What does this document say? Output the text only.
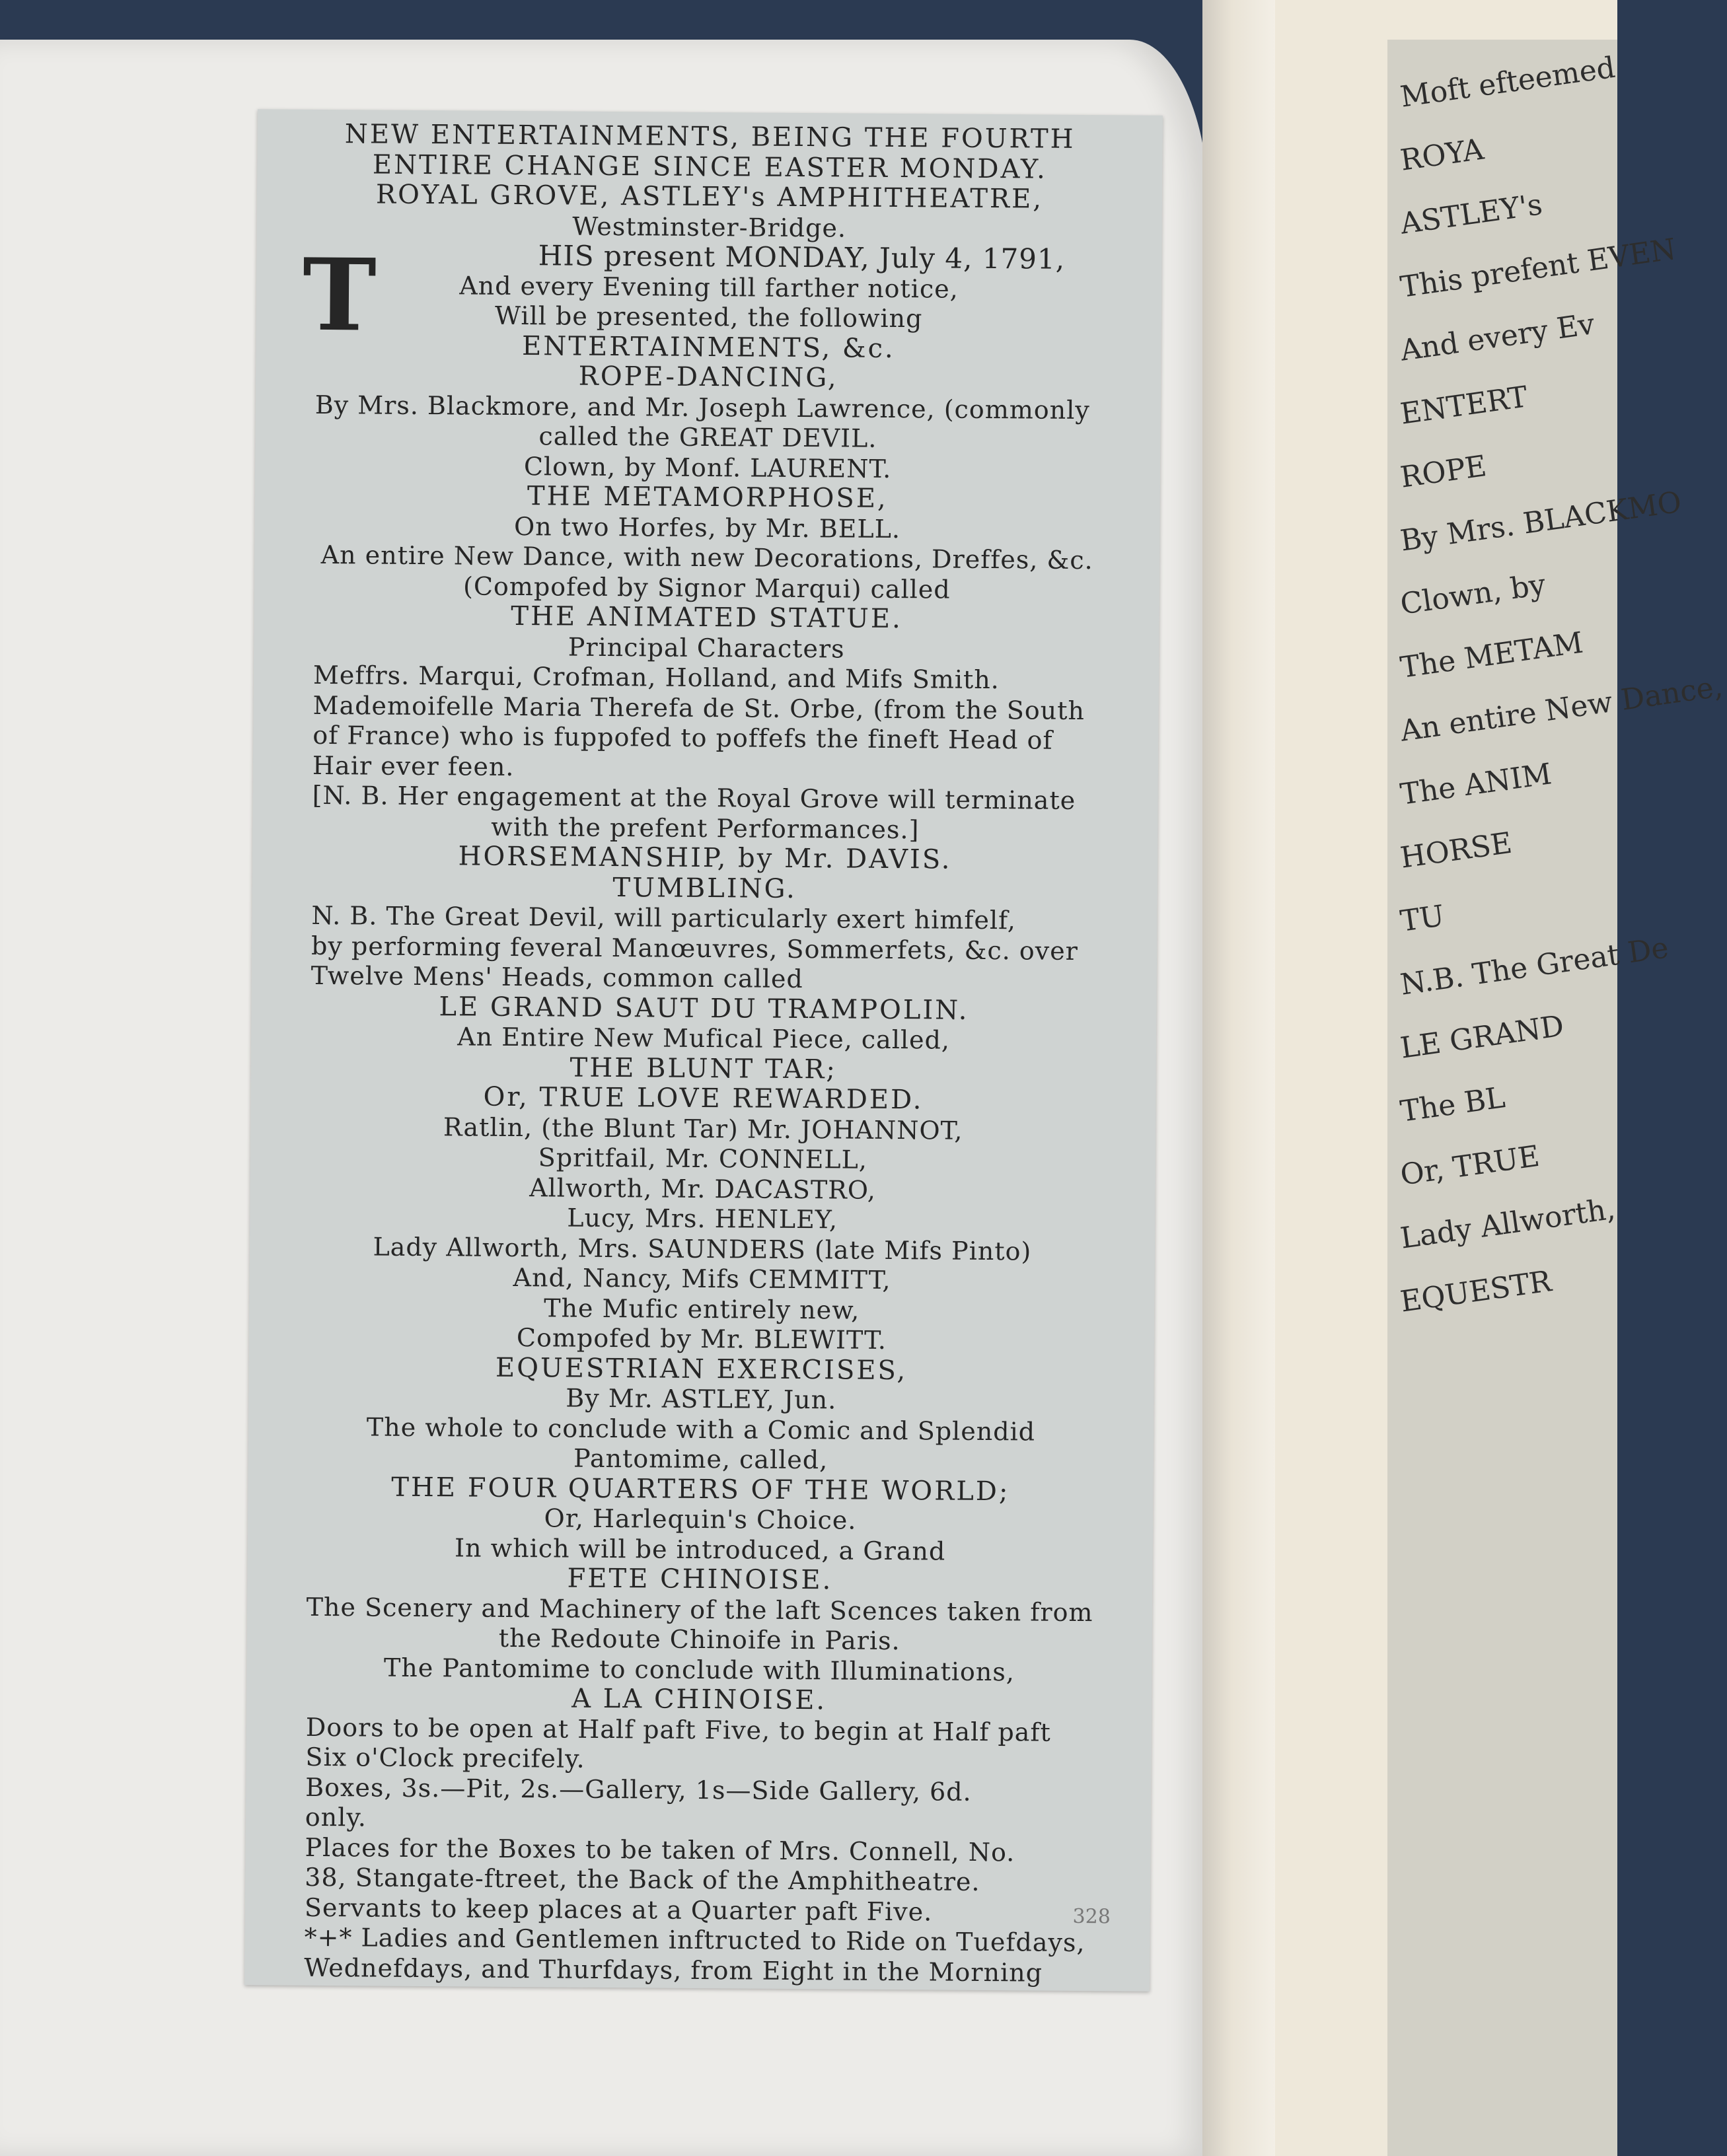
Moft efteemed
ROYA
ASTLEY's
This prefent EVEN
And every Ev
ENTERT
ROPE
By Mrs. BLACKMO
Clown, by
The METAM
An entire New Dance,
The ANIM
HORSE
TU
N.B. The Great De
LE GRAND
The BL
Or, TRUE
Lady Allworth,
EQUESTR
T
328
NEW ENTERTAINMENTS, BEING THE FOURTH
ENTIRE CHANGE SINCE EASTER MONDAY.
ROYAL GROVE, ASTLEY's AMPHITHEATRE,
Westminster-Bridge.
HIS present MONDAY, July 4, 1791,
And every Evening till farther notice,
Will be presented, the following
ENTERTAINMENTS, &c.
ROPE-DANCING,
By Mrs. Blackmore, and Mr. Joseph Lawrence, (commonly
called the GREAT DEVIL.
Clown, by Monf. LAURENT.
THE METAMORPHOSE,
On two Horfes, by Mr. BELL.
An entire New Dance, with new Decorations, Dreffes, &c.
(Compofed by Signor Marqui) called
THE ANIMATED STATUE.
Principal Characters
Meffrs. Marqui, Crofman, Holland, and Mifs Smith.
Mademoifelle Maria Therefa de St. Orbe, (from the South
of France) who is fuppofed to poffefs the fineft Head of
Hair ever feen.
[N. B. Her engagement at the Royal Grove will terminate
with the prefent Performances.]
HORSEMANSHIP, by Mr. DAVIS.
TUMBLING.
N. B. The Great Devil, will particularly exert himfelf,
by performing feveral Manœuvres, Sommerfets, &c. over
Twelve Mens' Heads, common called
LE GRAND SAUT DU TRAMPOLIN.
An Entire New Mufical Piece, called,
THE BLUNT TAR;
Or, TRUE LOVE REWARDED.
Ratlin, (the Blunt Tar) Mr. JOHANNOT,
Spritfail, Mr. CONNELL,
Allworth, Mr. DACASTRO,
Lucy, Mrs. HENLEY,
Lady Allworth, Mrs. SAUNDERS (late Mifs Pinto)
And, Nancy, Mifs CEMMITT,
The Mufic entirely new,
Compofed by Mr. BLEWITT.
EQUESTRIAN EXERCISES,
By Mr. ASTLEY, Jun.
The whole to conclude with a Comic and Splendid
Pantomime, called,
THE FOUR QUARTERS OF THE WORLD;
Or, Harlequin's Choice.
In which will be introduced, a Grand
FETE CHINOISE.
The Scenery and Machinery of the laft Scences taken from
the Redoute Chinoife in Paris.
The Pantomime to conclude with Illuminations,
A LA CHINOISE.
Doors to be open at Half paft Five, to begin at Half paft
Six o'Clock precifely.
Boxes, 3s.—Pit, 2s.—Gallery, 1s—Side Gallery, 6d.
only.
Places for the Boxes to be taken of Mrs. Connell, No.
38, Stangate-ftreet, the Back of the Amphitheatre.
Servants to keep places at a Quarter paft Five.
*+* Ladies and Gentlemen inftructed to Ride on Tuefdays,
Wednefdays, and Thurfdays, from Eight in the Morning
